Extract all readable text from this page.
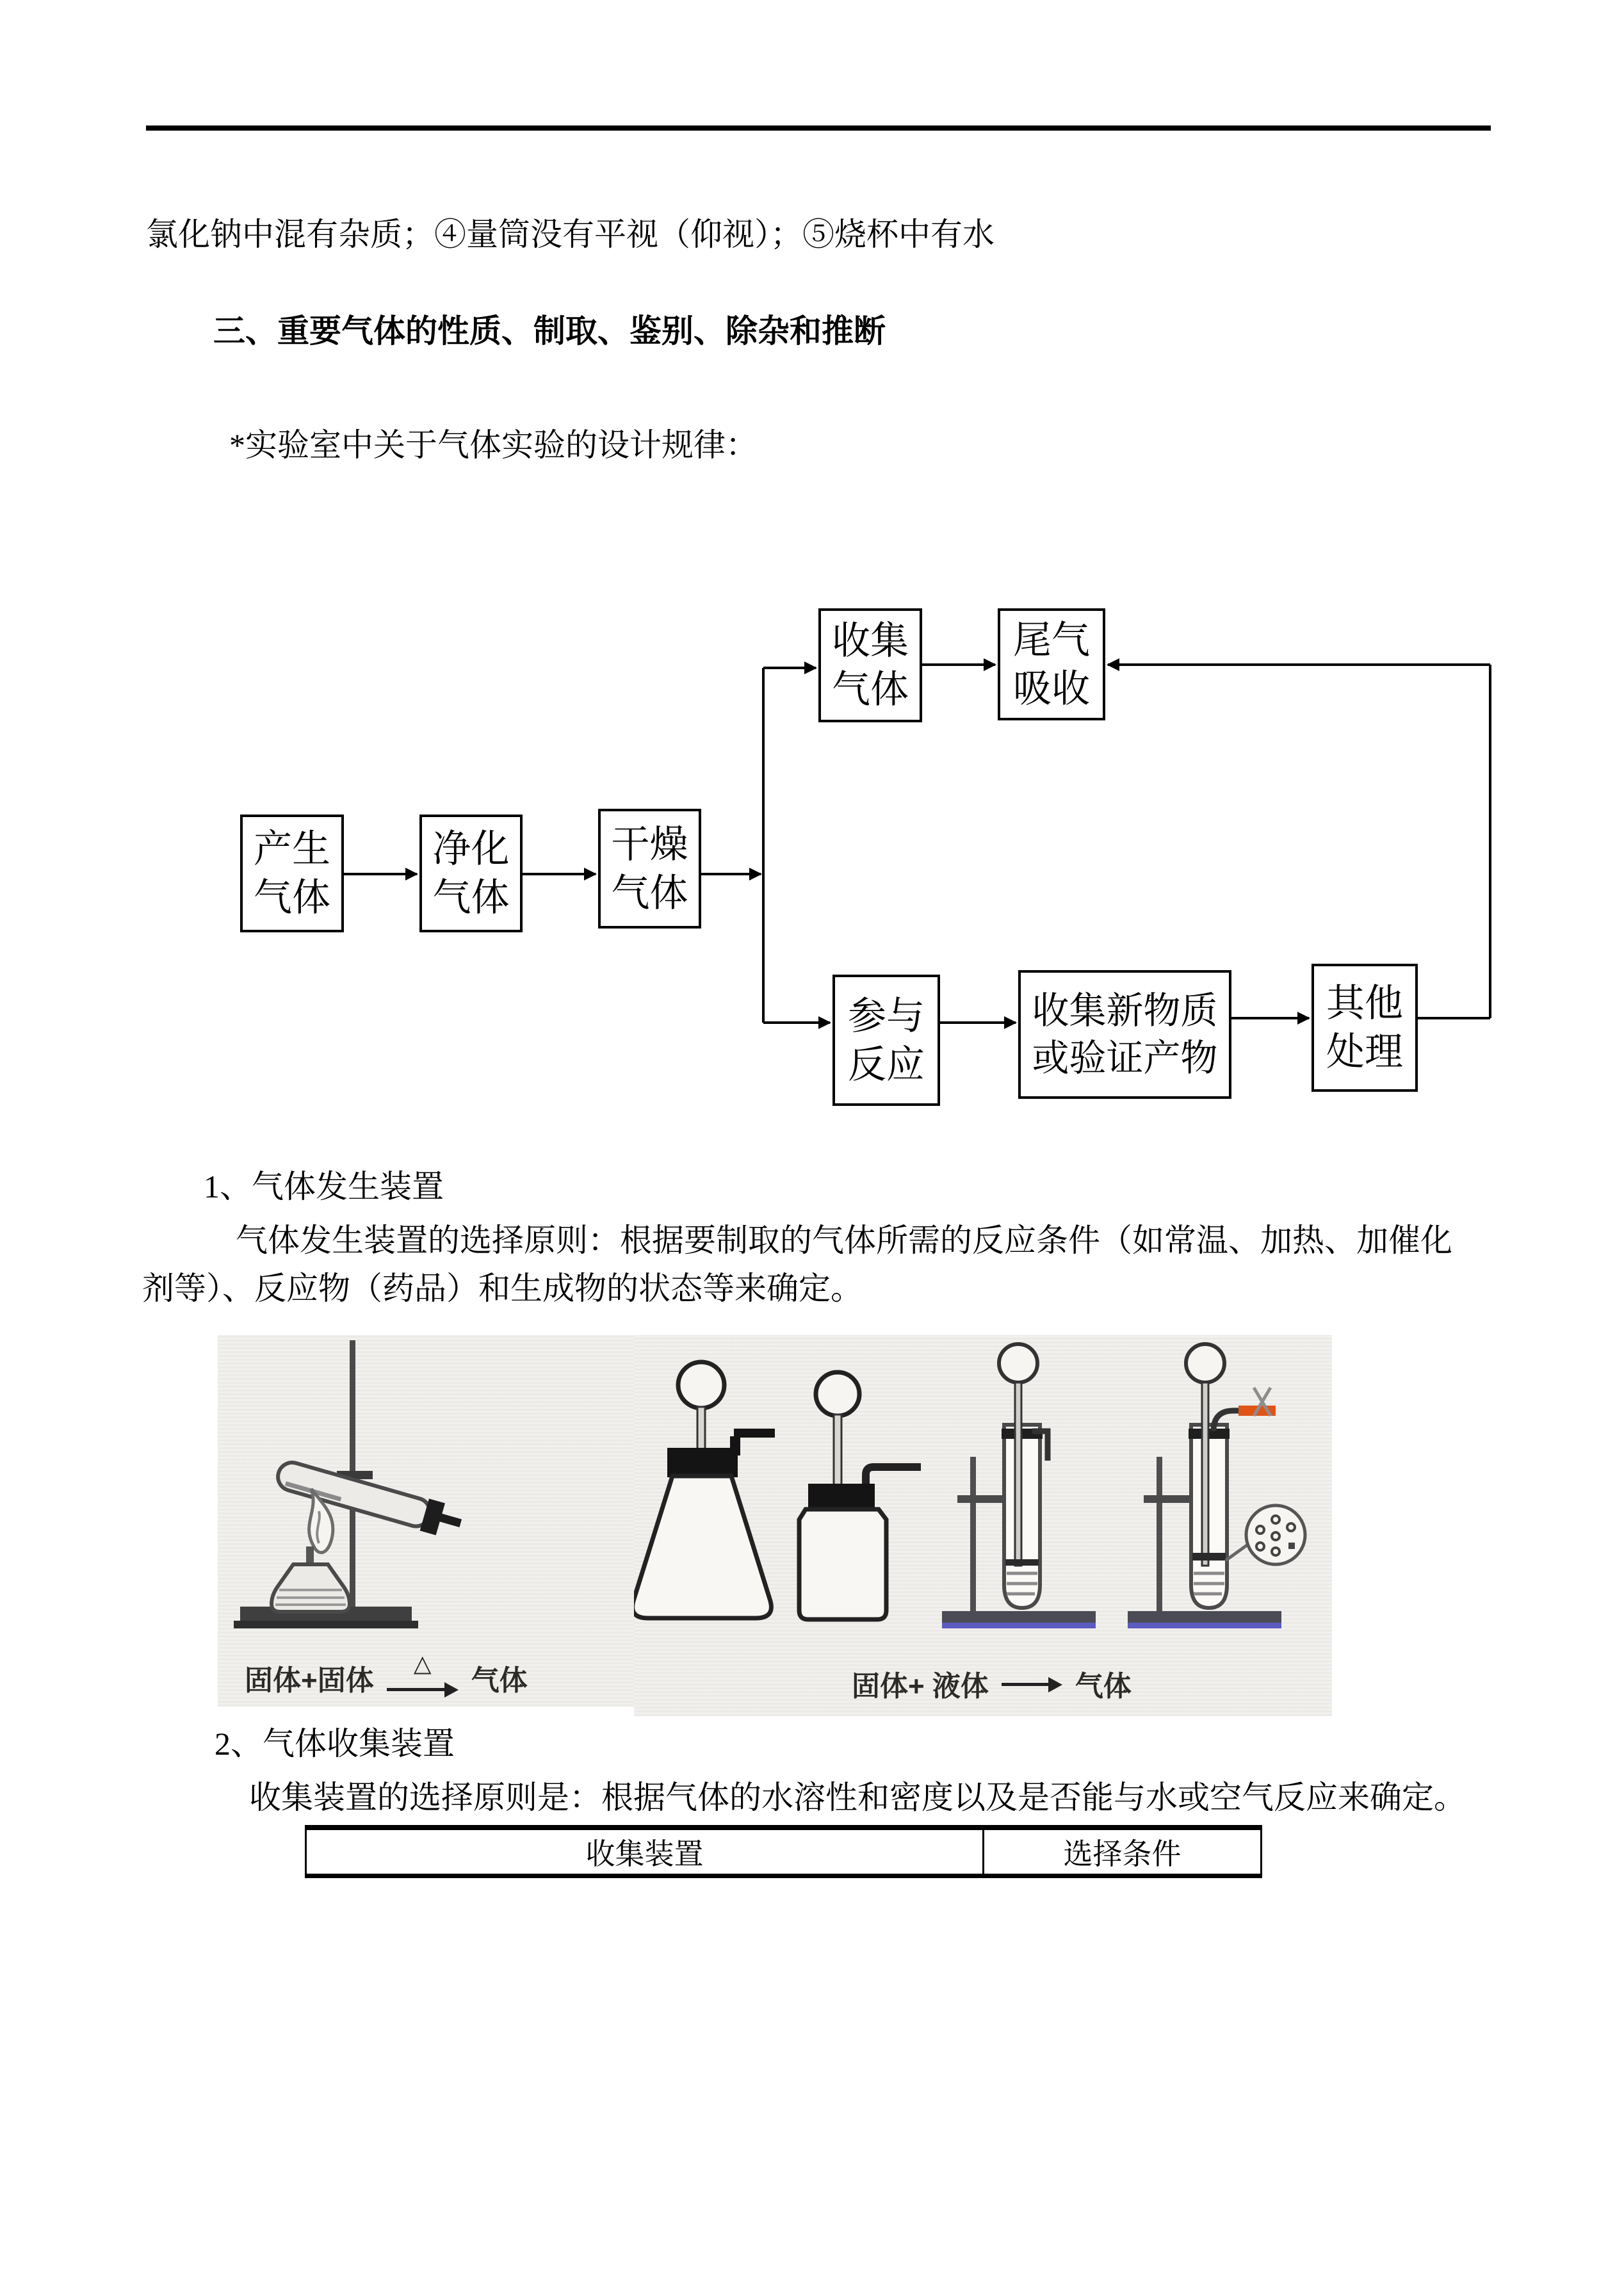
氯化钠中混有杂质；④量筒没有平视（仰视）；⑤烧杯中有水
三、重要气体的性质、制取、鉴别、除杂和推断
*实验室中关于气体实验的设计规律：
产生
气体
净化
气体
干燥
气体
收集
气体
尾气
吸收
参与
反应
收集新物质
或验证产物
其他
处理
1、气体发生装置
气体发生装置的选择原则：根据要制取的气体所需的反应条件（如常温、加热、加催化
剂等）、反应物（药品）和生成物的状态等来确定。
固体+固体
△
气体	固体+ 液体	气体
2、气体收集装置
收集装置的选择原则是：根据气体的水溶性和密度以及是否能与水或空气反应来确定。
收集装置	选择条件
